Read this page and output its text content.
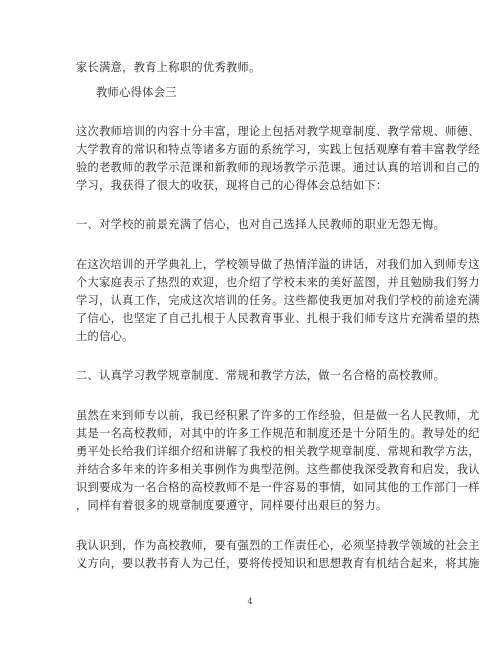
家长满意，教育上称职的优秀教师。
教师心得体会三
这次教师培训的内容十分丰富，理论上包括对教学规章制度、教学常规、师德、
大学教育的常识和特点等诸多方面的系统学习，实践上包括观摩有着丰富教学经
验的老教师的教学示范课和新教师的现场教学示范课。通过认真的培训和自己的
学习，我获得了很大的收获，现将自己的心得体会总结如下：
一、对学校的前景充满了信心，也对自己选择人民教师的职业无怨无悔。
在这次培训的开学典礼上，学校领导做了热情洋溢的讲话，对我们加入到师专这
个大家庭表示了热烈的欢迎，也介绍了学校未来的美好蓝图，并且勉励我们努力
学习，认真工作，完成这次培训的任务。这些都使我更加对我们学校的前途充满
了信心，也坚定了自己扎根于人民教育事业、扎根于我们师专这片充满希望的热
土的信心。
二、认真学习教学规章制度、常规和教学方法，做一名合格的高校教师。
虽然在来到师专以前，我已经积累了许多的工作经验，但是做一名人民教师，尤
其是一名高校教师，对其中的许多工作规范和制度还是十分陌生的。教导处的纪
勇平处长给我们详细介绍和讲解了我校的相关教学规章制度、常规和教学方法，
并结合多年来的许多相关事例作为典型范例。这些都使我深受教育和启发，我认
识到要成为一名合格的高校教师不是一件容易的事情，如同其他的工作部门一样
，同样有着很多的规章制度要遵守，同样要付出艰巨的努力。
我认识到，作为高校教师，要有强烈的工作责任心，必须坚持教学领域的社会主
义方向，要以教书育人为己任，要将传授知识和思想教育有机结合起来，将其施
4
